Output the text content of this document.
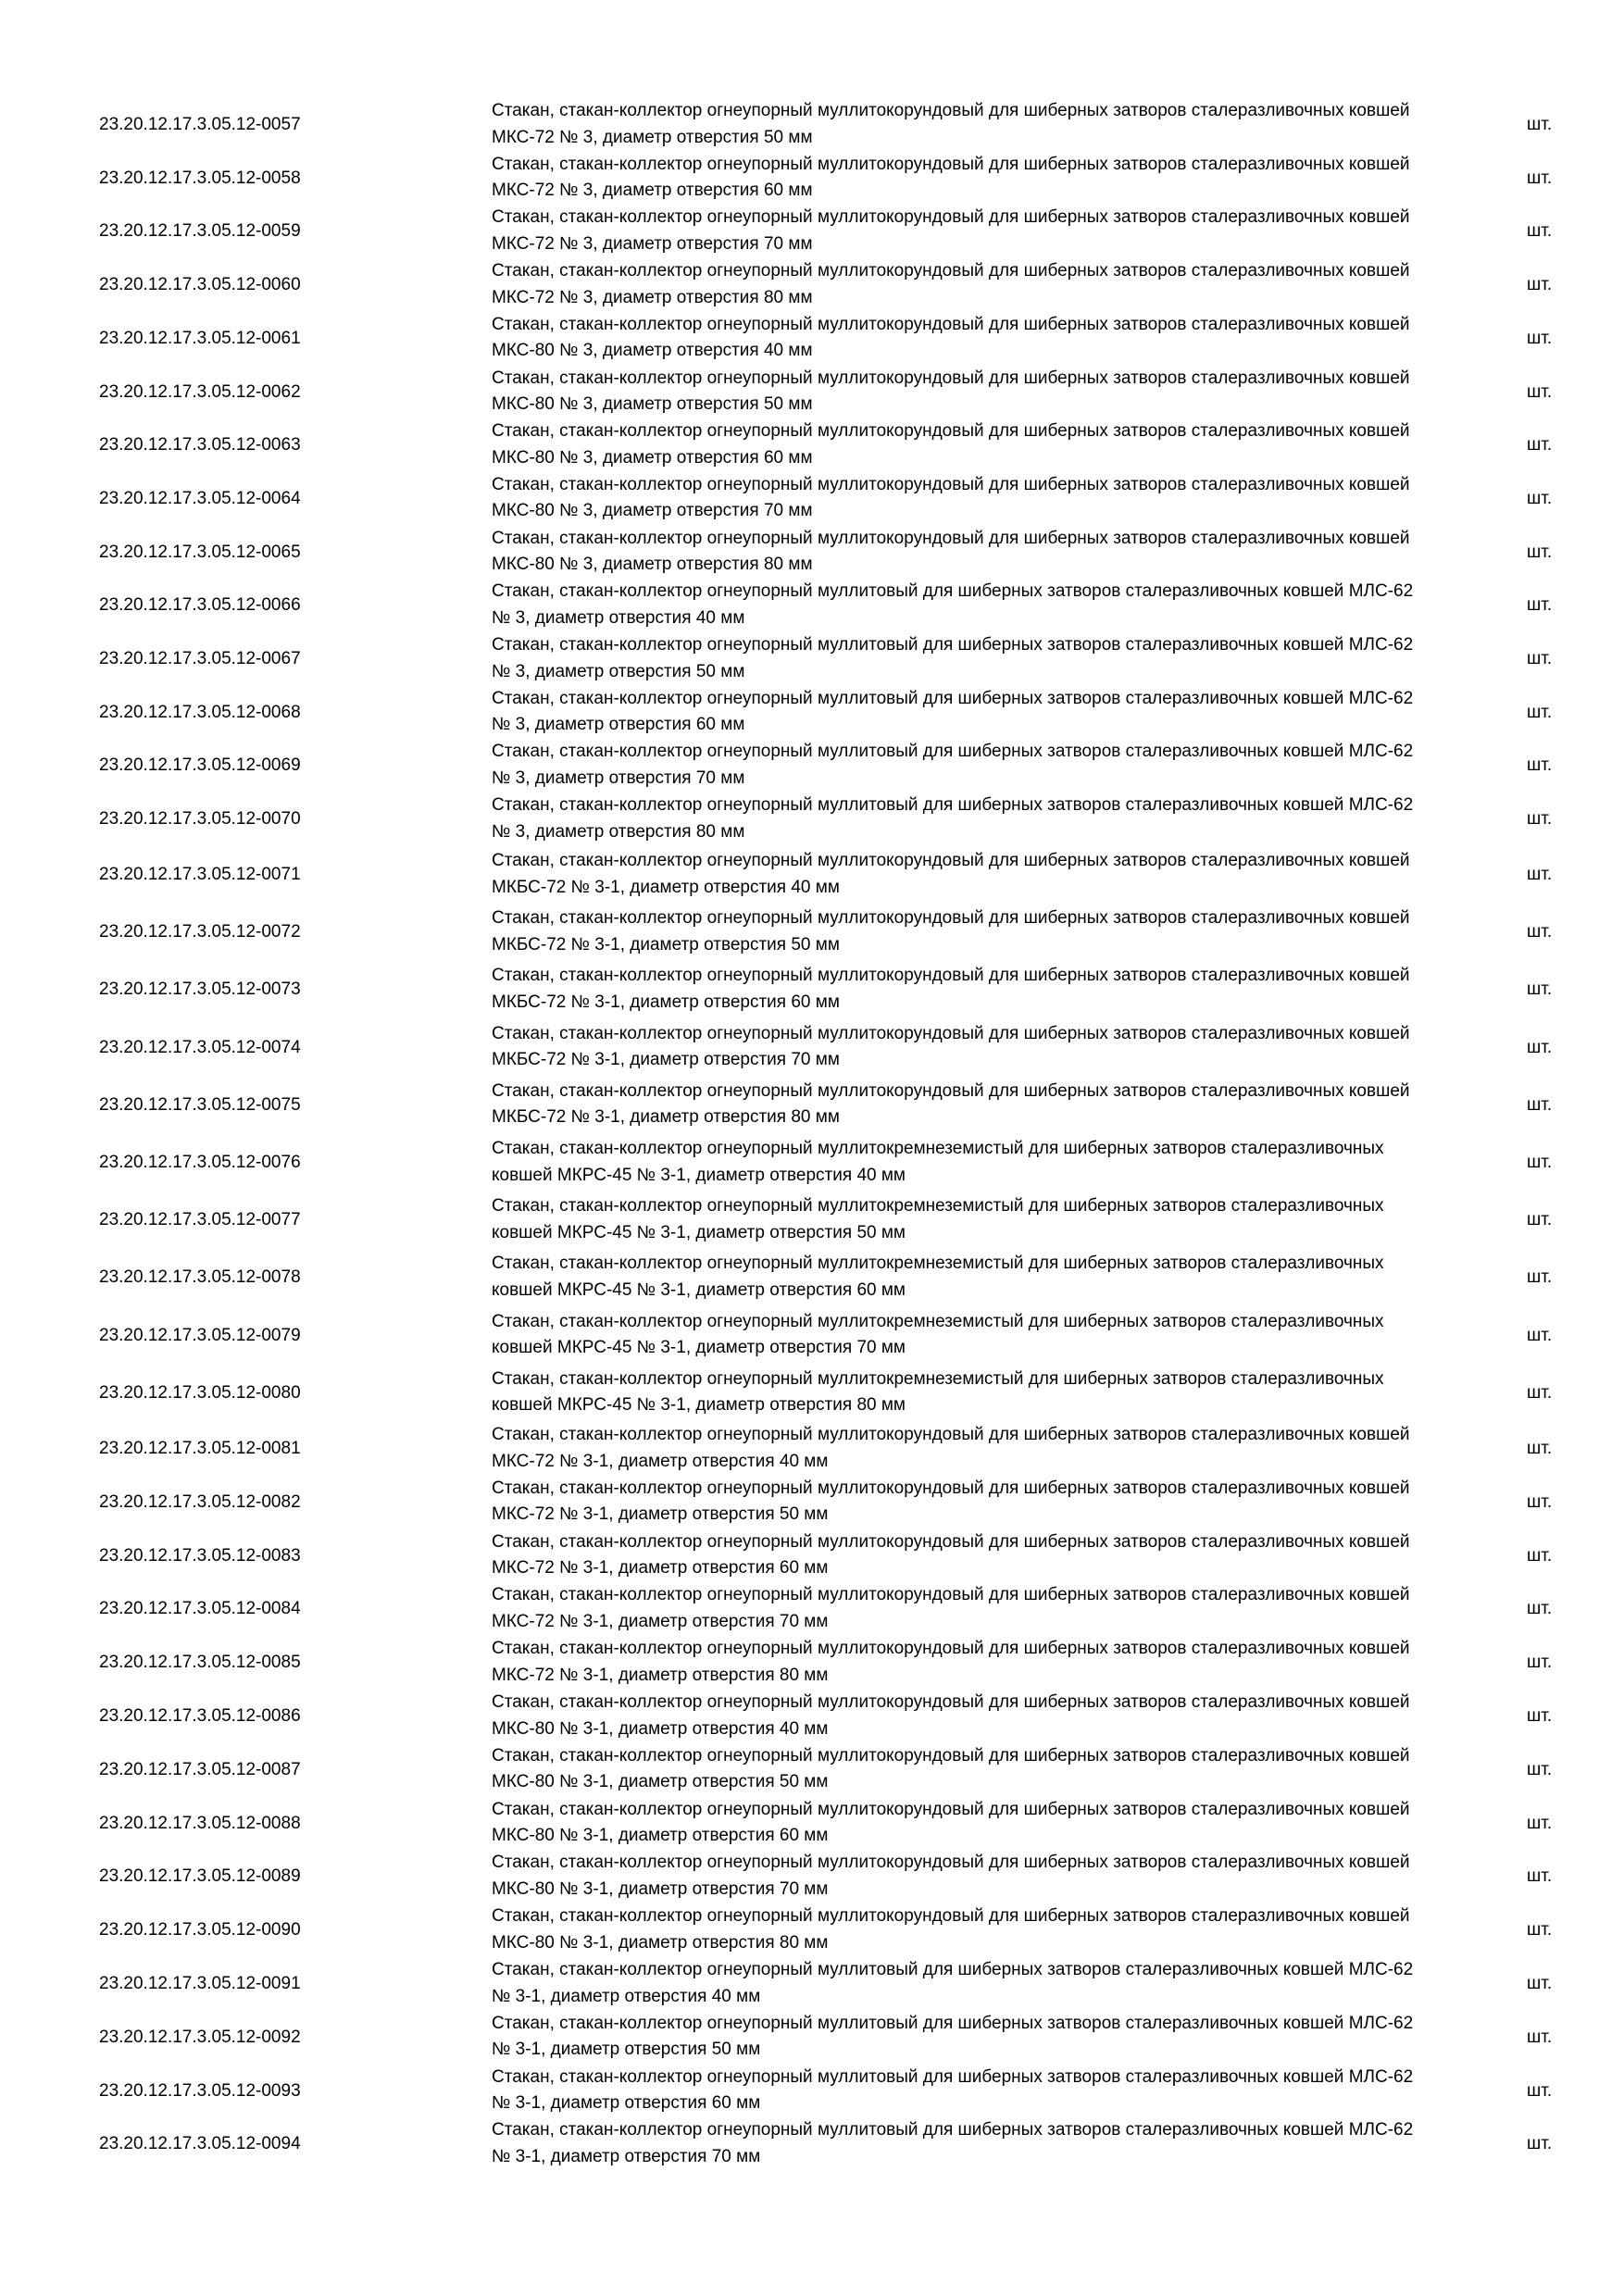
23.20.12.17.3.05.12-0057
Стакан, стакан-коллектор огнеупорный муллитокорундовый для шиберных затворов сталеразливочных ковшей МКС-72 № 3, диаметр отверстия 50 мм
шт.
23.20.12.17.3.05.12-0058
Стакан, стакан-коллектор огнеупорный муллитокорундовый для шиберных затворов сталеразливочных ковшей МКС-72 № 3, диаметр отверстия 60 мм
шт.
23.20.12.17.3.05.12-0059
Стакан, стакан-коллектор огнеупорный муллитокорундовый для шиберных затворов сталеразливочных ковшей МКС-72 № 3, диаметр отверстия 70 мм
шт.
23.20.12.17.3.05.12-0060
Стакан, стакан-коллектор огнеупорный муллитокорундовый для шиберных затворов сталеразливочных ковшей МКС-72 № 3, диаметр отверстия 80 мм
шт.
23.20.12.17.3.05.12-0061
Стакан, стакан-коллектор огнеупорный муллитокорундовый для шиберных затворов сталеразливочных ковшей МКС-80 № 3, диаметр отверстия 40 мм
шт.
23.20.12.17.3.05.12-0062
Стакан, стакан-коллектор огнеупорный муллитокорундовый для шиберных затворов сталеразливочных ковшей МКС-80 № 3, диаметр отверстия 50 мм
шт.
23.20.12.17.3.05.12-0063
Стакан, стакан-коллектор огнеупорный муллитокорундовый для шиберных затворов сталеразливочных ковшей МКС-80 № 3, диаметр отверстия 60 мм
шт.
23.20.12.17.3.05.12-0064
Стакан, стакан-коллектор огнеупорный муллитокорундовый для шиберных затворов сталеразливочных ковшей МКС-80 № 3, диаметр отверстия 70 мм
шт.
23.20.12.17.3.05.12-0065
Стакан, стакан-коллектор огнеупорный муллитокорундовый для шиберных затворов сталеразливочных ковшей МКС-80 № 3, диаметр отверстия 80 мм
шт.
23.20.12.17.3.05.12-0066
Стакан, стакан-коллектор огнеупорный муллитовый для шиберных затворов сталеразливочных ковшей МЛС-62 № 3, диаметр отверстия 40 мм
шт.
23.20.12.17.3.05.12-0067
Стакан, стакан-коллектор огнеупорный муллитовый для шиберных затворов сталеразливочных ковшей МЛС-62 № 3, диаметр отверстия 50 мм
шт.
23.20.12.17.3.05.12-0068
Стакан, стакан-коллектор огнеупорный муллитовый для шиберных затворов сталеразливочных ковшей МЛС-62 № 3, диаметр отверстия 60 мм
шт.
23.20.12.17.3.05.12-0069
Стакан, стакан-коллектор огнеупорный муллитовый для шиберных затворов сталеразливочных ковшей МЛС-62 № 3, диаметр отверстия 70 мм
шт.
23.20.12.17.3.05.12-0070
Стакан, стакан-коллектор огнеупорный муллитовый для шиберных затворов сталеразливочных ковшей МЛС-62 № 3, диаметр отверстия 80 мм
шт.
23.20.12.17.3.05.12-0071
Стакан, стакан-коллектор огнеупорный муллитокорундовый для шиберных затворов сталеразливочных ковшей МКБС-72 № 3-1, диаметр отверстия 40 мм
шт.
23.20.12.17.3.05.12-0072
Стакан, стакан-коллектор огнеупорный муллитокорундовый для шиберных затворов сталеразливочных ковшей МКБС-72 № 3-1, диаметр отверстия 50 мм
шт.
23.20.12.17.3.05.12-0073
Стакан, стакан-коллектор огнеупорный муллитокорундовый для шиберных затворов сталеразливочных ковшей МКБС-72 № 3-1, диаметр отверстия 60 мм
шт.
23.20.12.17.3.05.12-0074
Стакан, стакан-коллектор огнеупорный муллитокорундовый для шиберных затворов сталеразливочных ковшей МКБС-72 № 3-1, диаметр отверстия 70 мм
шт.
23.20.12.17.3.05.12-0075
Стакан, стакан-коллектор огнеупорный муллитокорундовый для шиберных затворов сталеразливочных ковшей МКБС-72 № 3-1, диаметр отверстия 80 мм
шт.
23.20.12.17.3.05.12-0076
Стакан, стакан-коллектор огнеупорный муллитокремнеземистый для шиберных затворов сталеразливочных ковшей МКРС-45 № 3-1, диаметр отверстия 40 мм
шт.
23.20.12.17.3.05.12-0077
Стакан, стакан-коллектор огнеупорный муллитокремнеземистый для шиберных затворов сталеразливочных ковшей МКРС-45 № 3-1, диаметр отверстия 50 мм
шт.
23.20.12.17.3.05.12-0078
Стакан, стакан-коллектор огнеупорный муллитокремнеземистый для шиберных затворов сталеразливочных ковшей МКРС-45 № 3-1, диаметр отверстия 60 мм
шт.
23.20.12.17.3.05.12-0079
Стакан, стакан-коллектор огнеупорный муллитокремнеземистый для шиберных затворов сталеразливочных ковшей МКРС-45 № 3-1, диаметр отверстия 70 мм
шт.
23.20.12.17.3.05.12-0080
Стакан, стакан-коллектор огнеупорный муллитокремнеземистый для шиберных затворов сталеразливочных ковшей МКРС-45 № 3-1, диаметр отверстия 80 мм
шт.
23.20.12.17.3.05.12-0081
Стакан, стакан-коллектор огнеупорный муллитокорундовый для шиберных затворов сталеразливочных ковшей МКС-72 № 3-1, диаметр отверстия 40 мм
шт.
23.20.12.17.3.05.12-0082
Стакан, стакан-коллектор огнеупорный муллитокорундовый для шиберных затворов сталеразливочных ковшей МКС-72 № 3-1, диаметр отверстия 50 мм
шт.
23.20.12.17.3.05.12-0083
Стакан, стакан-коллектор огнеупорный муллитокорундовый для шиберных затворов сталеразливочных ковшей МКС-72 № 3-1, диаметр отверстия 60 мм
шт.
23.20.12.17.3.05.12-0084
Стакан, стакан-коллектор огнеупорный муллитокорундовый для шиберных затворов сталеразливочных ковшей МКС-72 № 3-1, диаметр отверстия 70 мм
шт.
23.20.12.17.3.05.12-0085
Стакан, стакан-коллектор огнеупорный муллитокорундовый для шиберных затворов сталеразливочных ковшей МКС-72 № 3-1, диаметр отверстия 80 мм
шт.
23.20.12.17.3.05.12-0086
Стакан, стакан-коллектор огнеупорный муллитокорундовый для шиберных затворов сталеразливочных ковшей МКС-80 № 3-1, диаметр отверстия 40 мм
шт.
23.20.12.17.3.05.12-0087
Стакан, стакан-коллектор огнеупорный муллитокорундовый для шиберных затворов сталеразливочных ковшей МКС-80 № 3-1, диаметр отверстия 50 мм
шт.
23.20.12.17.3.05.12-0088
Стакан, стакан-коллектор огнеупорный муллитокорундовый для шиберных затворов сталеразливочных ковшей МКС-80 № 3-1, диаметр отверстия 60 мм
шт.
23.20.12.17.3.05.12-0089
Стакан, стакан-коллектор огнеупорный муллитокорундовый для шиберных затворов сталеразливочных ковшей МКС-80 № 3-1, диаметр отверстия 70 мм
шт.
23.20.12.17.3.05.12-0090
Стакан, стакан-коллектор огнеупорный муллитокорундовый для шиберных затворов сталеразливочных ковшей МКС-80 № 3-1, диаметр отверстия 80 мм
шт.
23.20.12.17.3.05.12-0091
Стакан, стакан-коллектор огнеупорный муллитовый для шиберных затворов сталеразливочных ковшей МЛС-62 № 3-1, диаметр отверстия 40 мм
шт.
23.20.12.17.3.05.12-0092
Стакан, стакан-коллектор огнеупорный муллитовый для шиберных затворов сталеразливочных ковшей МЛС-62 № 3-1, диаметр отверстия 50 мм
шт.
23.20.12.17.3.05.12-0093
Стакан, стакан-коллектор огнеупорный муллитовый для шиберных затворов сталеразливочных ковшей МЛС-62 № 3-1, диаметр отверстия 60 мм
шт.
23.20.12.17.3.05.12-0094
Стакан, стакан-коллектор огнеупорный муллитовый для шиберных затворов сталеразливочных ковшей МЛС-62 № 3-1, диаметр отверстия 70 мм
шт.
